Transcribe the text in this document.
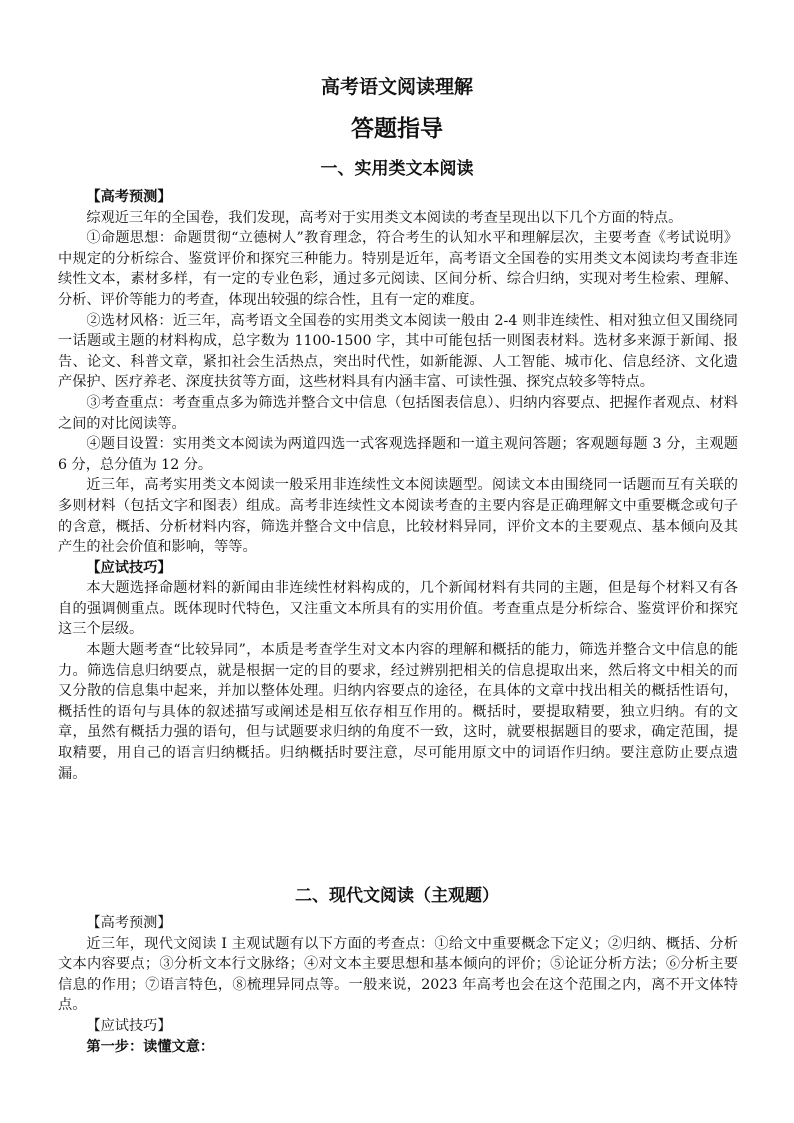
高考语文阅读理解
答题指导
一、实用类文本阅读

【高考预测】

综观近三年的全国卷，我们发现，高考对于实用类文本阅读的考查呈现出以下几个方面的特点。

①命题思想：命题贯彻“立德树人”教育理念，符合考生的认知水平和理解层次，主要考查《考试说明》中规定的分析综合、鉴赏评价和探究三种能力。特别是近年，高考语文全国卷的实用类文本阅读均考查非连续性文本，素材多样，有一定的专业色彩，通过多元阅读、区间分析、综合归纳，实现对考生检索、理解、分析、评价等能力的考查，体现出较强的综合性，且有一定的难度。

②选材风格：近三年，高考语文全国卷的实用类文本阅读一般由 2-4 则非连续性、相对独立但又围绕同一话题或主题的材料构成，总字数为 1100-1500 字，其中可能包括一则图表材料。选材多来源于新闻、报告、论文、科普文章，紧扣社会生活热点，突出时代性，如新能源、人工智能、城市化、信息经济、文化遗产保护、医疗养老、深度扶贫等方面，这些材料具有内涵丰富、可读性强、探究点较多等特点。

③考查重点：考查重点多为筛选并整合文中信息（包括图表信息）、归纳内容要点、把握作者观点、材料之间的对比阅读等。

④题目设置：实用类文本阅读为两道四选一式客观选择题和一道主观问答题；客观题每题 3 分，主观题 6 分，总分值为 12 分。

近三年，高考实用类文本阅读一般采用非连续性文本阅读题型。阅读文本由围绕同一话题而互有关联的多则材料（包括文字和图表）组成。高考非连续性文本阅读考查的主要内容是正确理解文中重要概念或句子的含意，概括、分析材料内容，筛选并整合文中信息，比较材料异同，评价文本的主要观点、基本倾向及其产生的社会价值和影响，等等。

【应试技巧】

本大题选择命题材料的新闻由非连续性材料构成的，几个新闻材料有共同的主题，但是每个材料又有各自的强调侧重点。既体现时代特色，又注重文本所具有的实用价值。考查重点是分析综合、鉴赏评价和探究这三个层级。

本题大题考查“比较异同”，本质是考查学生对文本内容的理解和概括的能力，筛选并整合文中信息的能力。筛选信息归纳要点，就是根据一定的目的要求，经过辨别把相关的信息提取出来，然后将文中相关的而又分散的信息集中起来，并加以整体处理。归纳内容要点的途径，在具体的文章中找出相关的概括性语句，概括性的语句与具体的叙述描写或阐述是相互依存相互作用的。概括时，要提取精要，独立归纳。有的文章，虽然有概括力强的语句，但与试题要求归纳的角度不一致，这时，就要根据题目的要求，确定范围，提取精要，用自己的语言归纳概括。归纳概括时要注意，尽可能用原文中的词语作归纳。要注意防止要点遗漏。

二、现代文阅读（主观题）

【高考预测】

近三年，现代文阅读 I 主观试题有以下方面的考查点：①给文中重要概念下定义；②归纳、概括、分析文本内容要点；③分析文本行文脉络；④对文本主要思想和基本倾向的评价；⑤论证分析方法；⑥分析主要信息的作用；⑦语言特色，⑧梳理异同点等。一般来说，2023 年高考也会在这个范围之内，离不开文体特点。

【应试技巧】

第一步：读懂文意：
